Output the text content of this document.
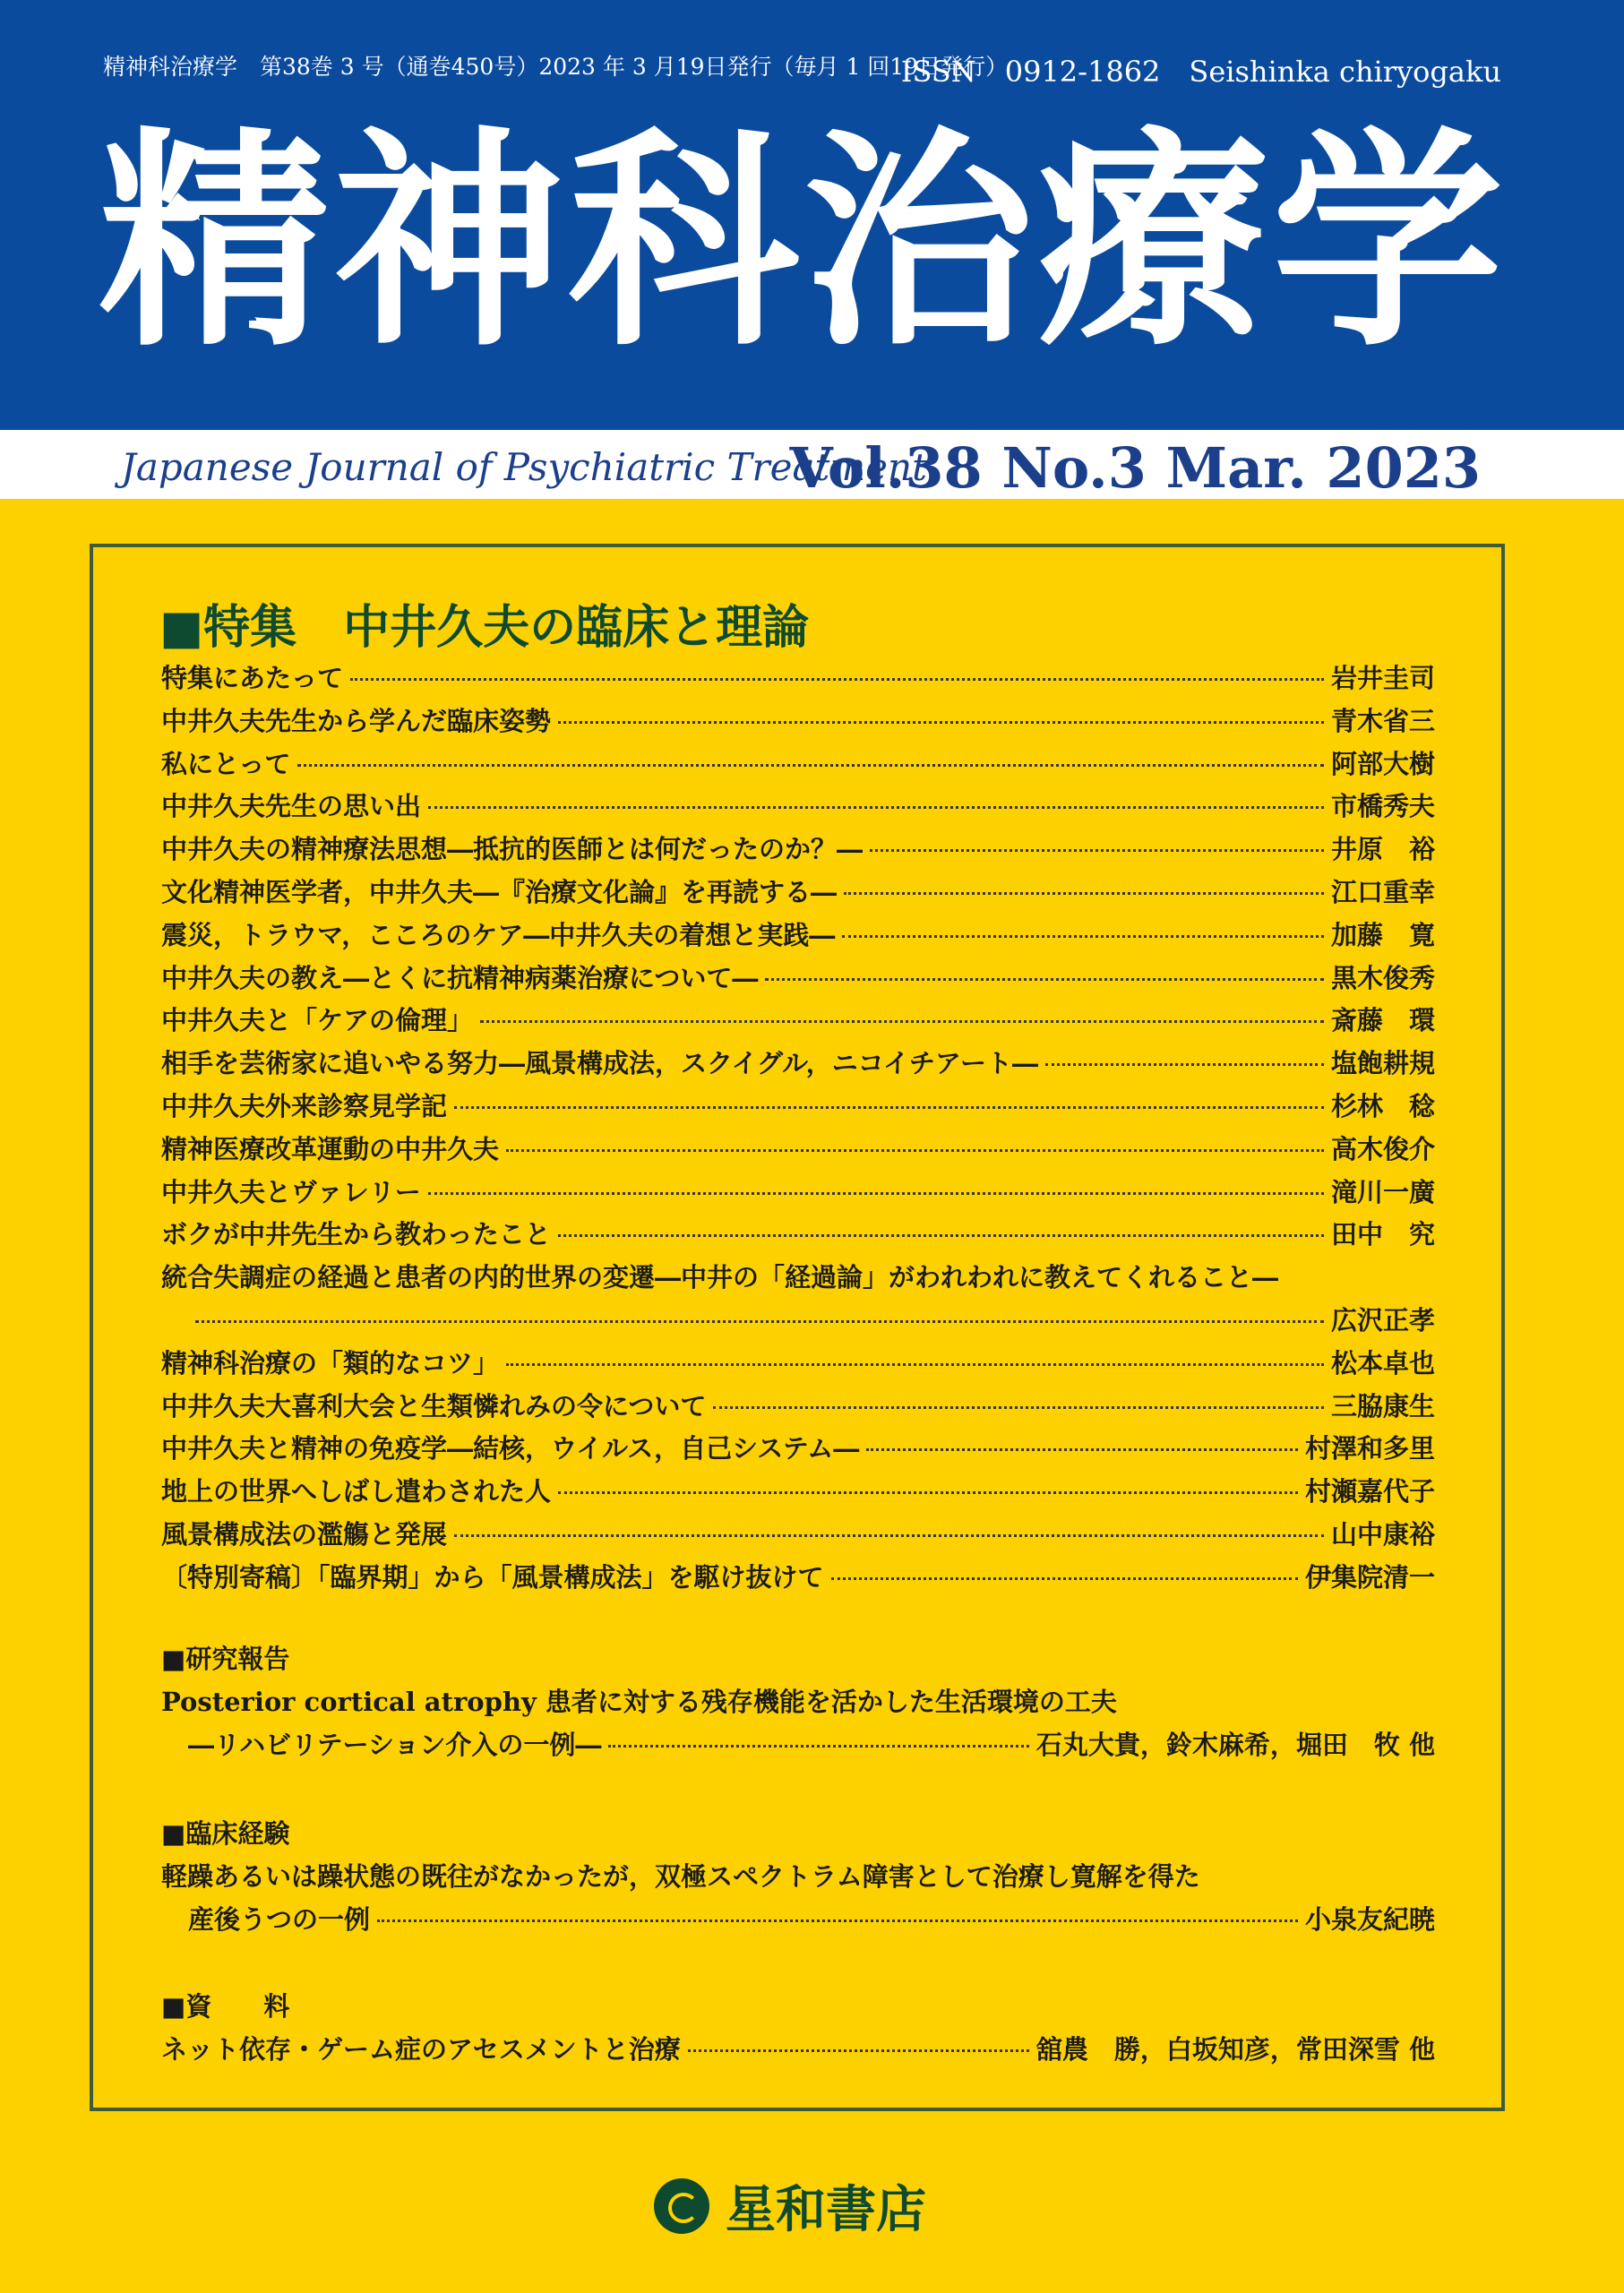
精神科治療学　第38巻 3 号（通巻450号）2023 年 3 月19日発行（毎月 1 回19日発行）
ISSN　0912-1862　Seishinka chiryogaku
精神科治療学
Japanese Journal of Psychiatric Treatment
Vol.38 No.3 Mar. 2023
■特集　中井久夫の臨床と理論
特集にあたって	岩井圭司
中井久夫先生から学んだ臨床姿勢	青木省三
私にとって	阿部大樹
中井久夫先生の思い出	市橋秀夫
中井久夫の精神療法思想―抵抗的医師とは何だったのか？―	井原　裕
文化精神医学者，中井久夫―『治療文化論』を再読する―	江口重幸
震災，トラウマ，こころのケア―中井久夫の着想と実践―	加藤　寛
中井久夫の教え―とくに抗精神病薬治療について―	黒木俊秀
中井久夫と「ケアの倫理」	斎藤　環
相手を芸術家に追いやる努力―風景構成法，スクイグル，ニコイチアート―	塩飽耕規
中井久夫外来診察見学記	杉林　稔
精神医療改革運動の中井久夫	高木俊介
中井久夫とヴァレリー	滝川一廣
ボクが中井先生から教わったこと	田中　究
統合失調症の経過と患者の内的世界の変遷―中井の「経過論」がわれわれに教えてくれること―
広沢正孝
精神科治療の「類的なコツ」	松本卓也
中井久夫大喜利大会と生類憐れみの令について	三脇康生
中井久夫と精神の免疫学―結核，ウイルス，自己システム―	村澤和多里
地上の世界へしばし遣わされた人	村瀬嘉代子
風景構成法の濫觴と発展	山中康裕
〔特別寄稿〕「臨界期」から「風景構成法」を駆け抜けて	伊集院清一
■研究報告
Posterior cortical atrophy 患者に対する残存機能を活かした生活環境の工夫
―リハビリテーション介入の一例―	石丸大貴，鈴木麻希，堀田　牧 他
■臨床経験
軽躁あるいは躁状態の既往がなかったが，双極スペクトラム障害として治療し寛解を得た
産後うつの一例	小泉友紀暁
■資　　料
ネット依存・ゲーム症のアセスメントと治療	舘農　勝，白坂知彦，常田深雪 他
星和書店
